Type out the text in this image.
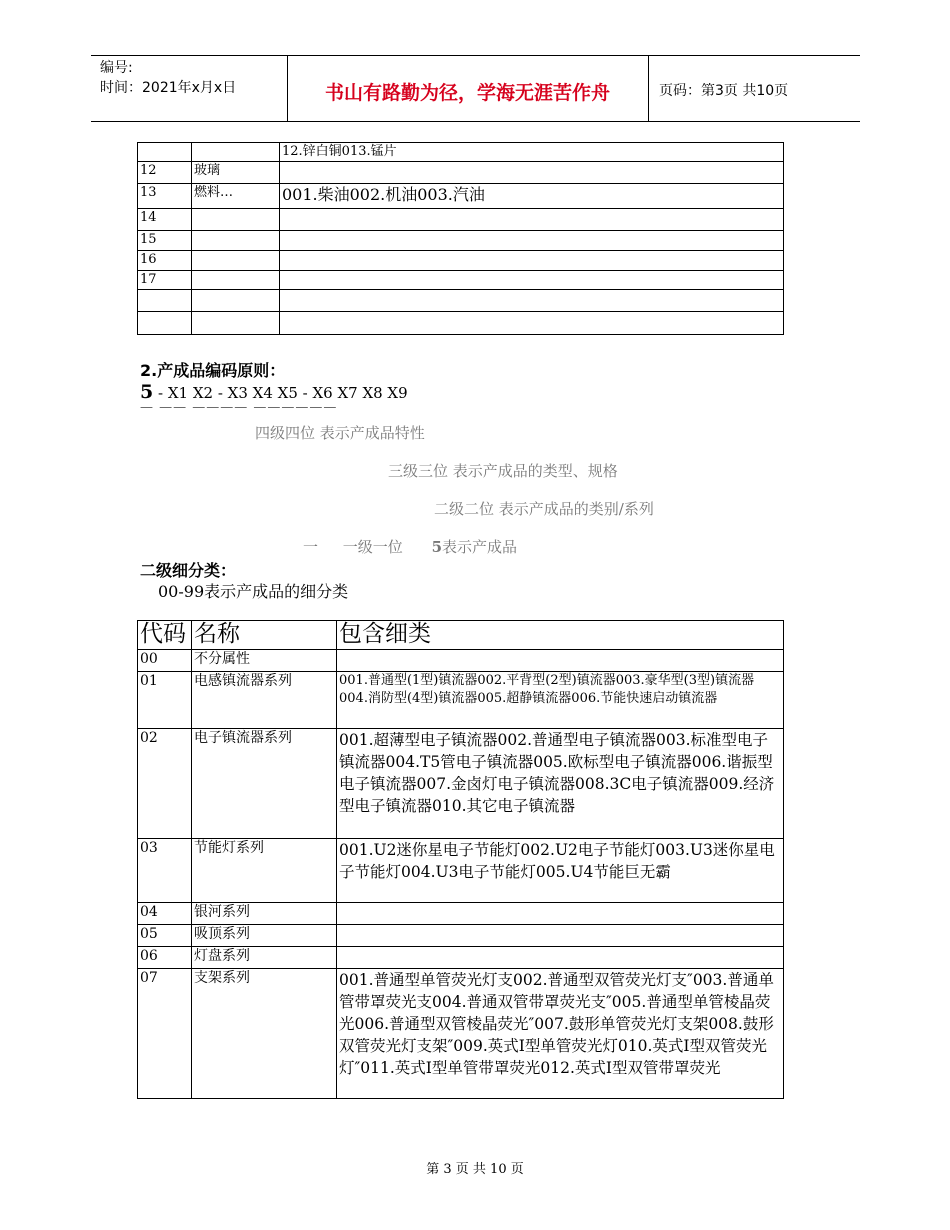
编号:
时间：2021年x月x日	书山有路勤为径，学海无涯苦作舟	页码：第3页 共10页
		12.锌白铜013.锰片
12	玻璃	
13	燃料…	001.柴油002.机油003.汽油
14		
15		
16		
17		

2.产成品编码原则：
5 - X1 X2 - X3 X4 X5 - X6 X7 X8 X9
— —— ———— ——————
四级四位 表示产成品特性
三级三位 表示产成品的类型、规格
二级二位 表示产成品的类别/系列
一 一级一位 5表示产成品
二级细分类：
00-99表示产成品的细分类
代码	名称	包含细类
00	不分属性	
01	电感镇流器系列	001.普通型(1型)镇流器002.平背型(2型)镇流器003.豪华型(3型)镇流器004.消防型(4型)镇流器005.超静镇流器006.节能快速启动镇流器
02	电子镇流器系列	001.超薄型电子镇流器002.普通型电子镇流器003.标准型电子镇流器004.T5管电子镇流器005.欧标型电子镇流器006.谐振型电子镇流器007.金卤灯电子镇流器008.3C电子镇流器009.经济型电子镇流器010.其它电子镇流器
03	节能灯系列	001.U2迷你星电子节能灯002.U2电子节能灯003.U3迷你星电子节能灯004.U3电子节能灯005.U4节能巨无霸
04	银河系列	
05	吸顶系列	
06	灯盘系列	
07	支架系列	001.普通型单管荧光灯支002.普通型双管荧光灯支″003.普通单管带罩荧光支004.普通双管带罩荧光支″005.普通型单管棱晶荧光006.普通型双管棱晶荧光″007.鼓形单管荧光灯支架008.鼓形双管荧光灯支架″009.英式Ⅰ型单管荧光灯010.英式Ⅰ型双管荧光灯″011.英式Ⅰ型单管带罩荧光012.英式Ⅰ型双管带罩荧光
第 3 页 共 10 页
